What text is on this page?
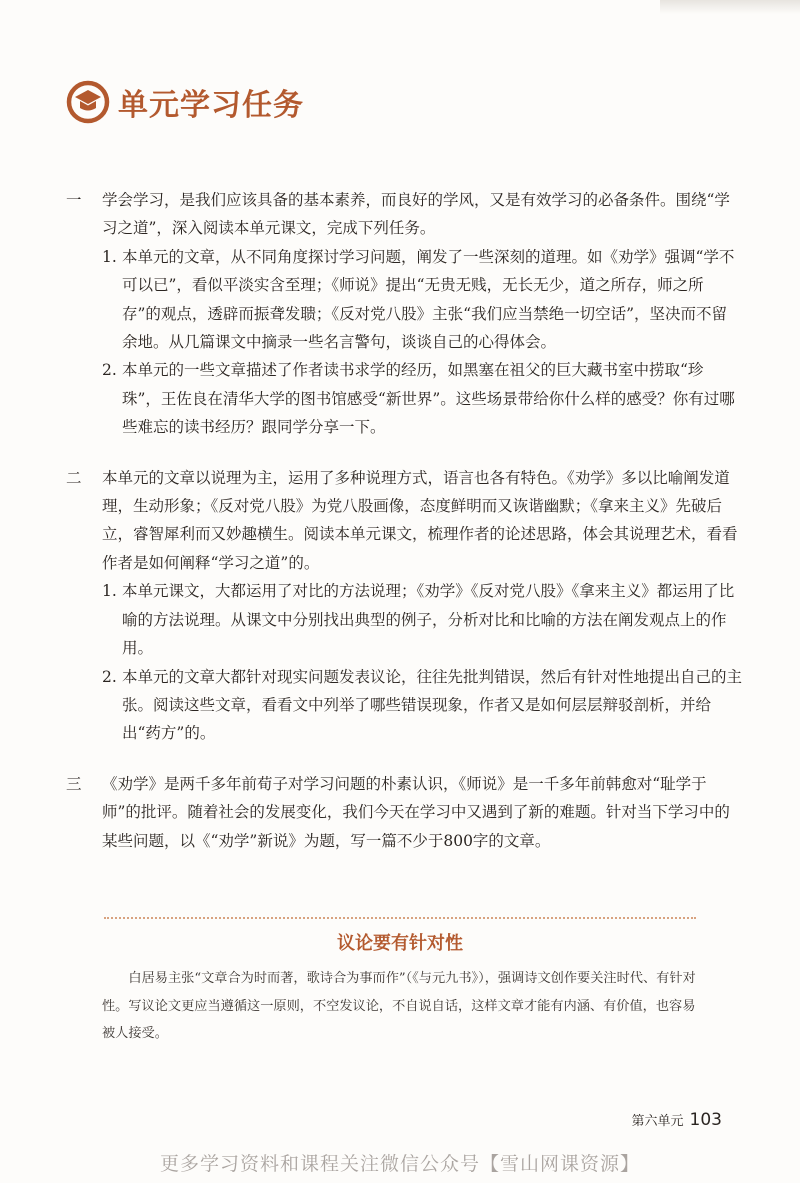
单元学习任务
一	学会学习，是我们应该具备的基本素养，而良好的学风，又是有效学习的必备条件。围绕“学习之道”，深入阅读本单元课文，完成下列任务。
1. 本单元的文章，从不同角度探讨学习问题，阐发了一些深刻的道理。如《劝学》强调“学不可以已”，看似平淡实含至理；《师说》提出“无贵无贱，无长无少，道之所存，师之所存”的观点，透辟而振聋发聩；《反对党八股》主张“我们应当禁绝一切空话”，坚决而不留余地。从几篇课文中摘录一些名言警句，谈谈自己的心得体会。
2. 本单元的一些文章描述了作者读书求学的经历，如黑塞在祖父的巨大藏书室中捞取“珍珠”，王佐良在清华大学的图书馆感受“新世界”。这些场景带给你什么样的感受？你有过哪些难忘的读书经历？跟同学分享一下。
二	本单元的文章以说理为主，运用了多种说理方式，语言也各有特色。《劝学》多以比喻阐发道理，生动形象；《反对党八股》为党八股画像，态度鲜明而又诙谐幽默；《拿来主义》先破后立，睿智犀利而又妙趣横生。阅读本单元课文，梳理作者的论述思路，体会其说理艺术，看看作者是如何阐释“学习之道”的。
1. 本单元课文，大都运用了对比的方法说理；《劝学》《反对党八股》《拿来主义》都运用了比喻的方法说理。从课文中分别找出典型的例子，分析对比和比喻的方法在阐发观点上的作用。
2. 本单元的文章大都针对现实问题发表议论，往往先批判错误，然后有针对性地提出自己的主张。阅读这些文章，看看文中列举了哪些错误现象，作者又是如何层层辩驳剖析，并给出“药方”的。
三	《劝学》是两千多年前荀子对学习问题的朴素认识，《师说》是一千多年前韩愈对“耻学于师”的批评。随着社会的发展变化，我们今天在学习中又遇到了新的难题。针对当下学习中的某些问题，以《“劝学”新说》为题，写一篇不少于800字的文章。
议论要有针对性
白居易主张“文章合为时而著，歌诗合为事而作”（《与元九书》），强调诗文创作要关注时代、有针对性。写议论文更应当遵循这一原则，不空发议论，不自说自话，这样文章才能有内涵、有价值，也容易被人接受。
第六单元 103
更多学习资料和课程关注微信公众号【雪山网课资源】
